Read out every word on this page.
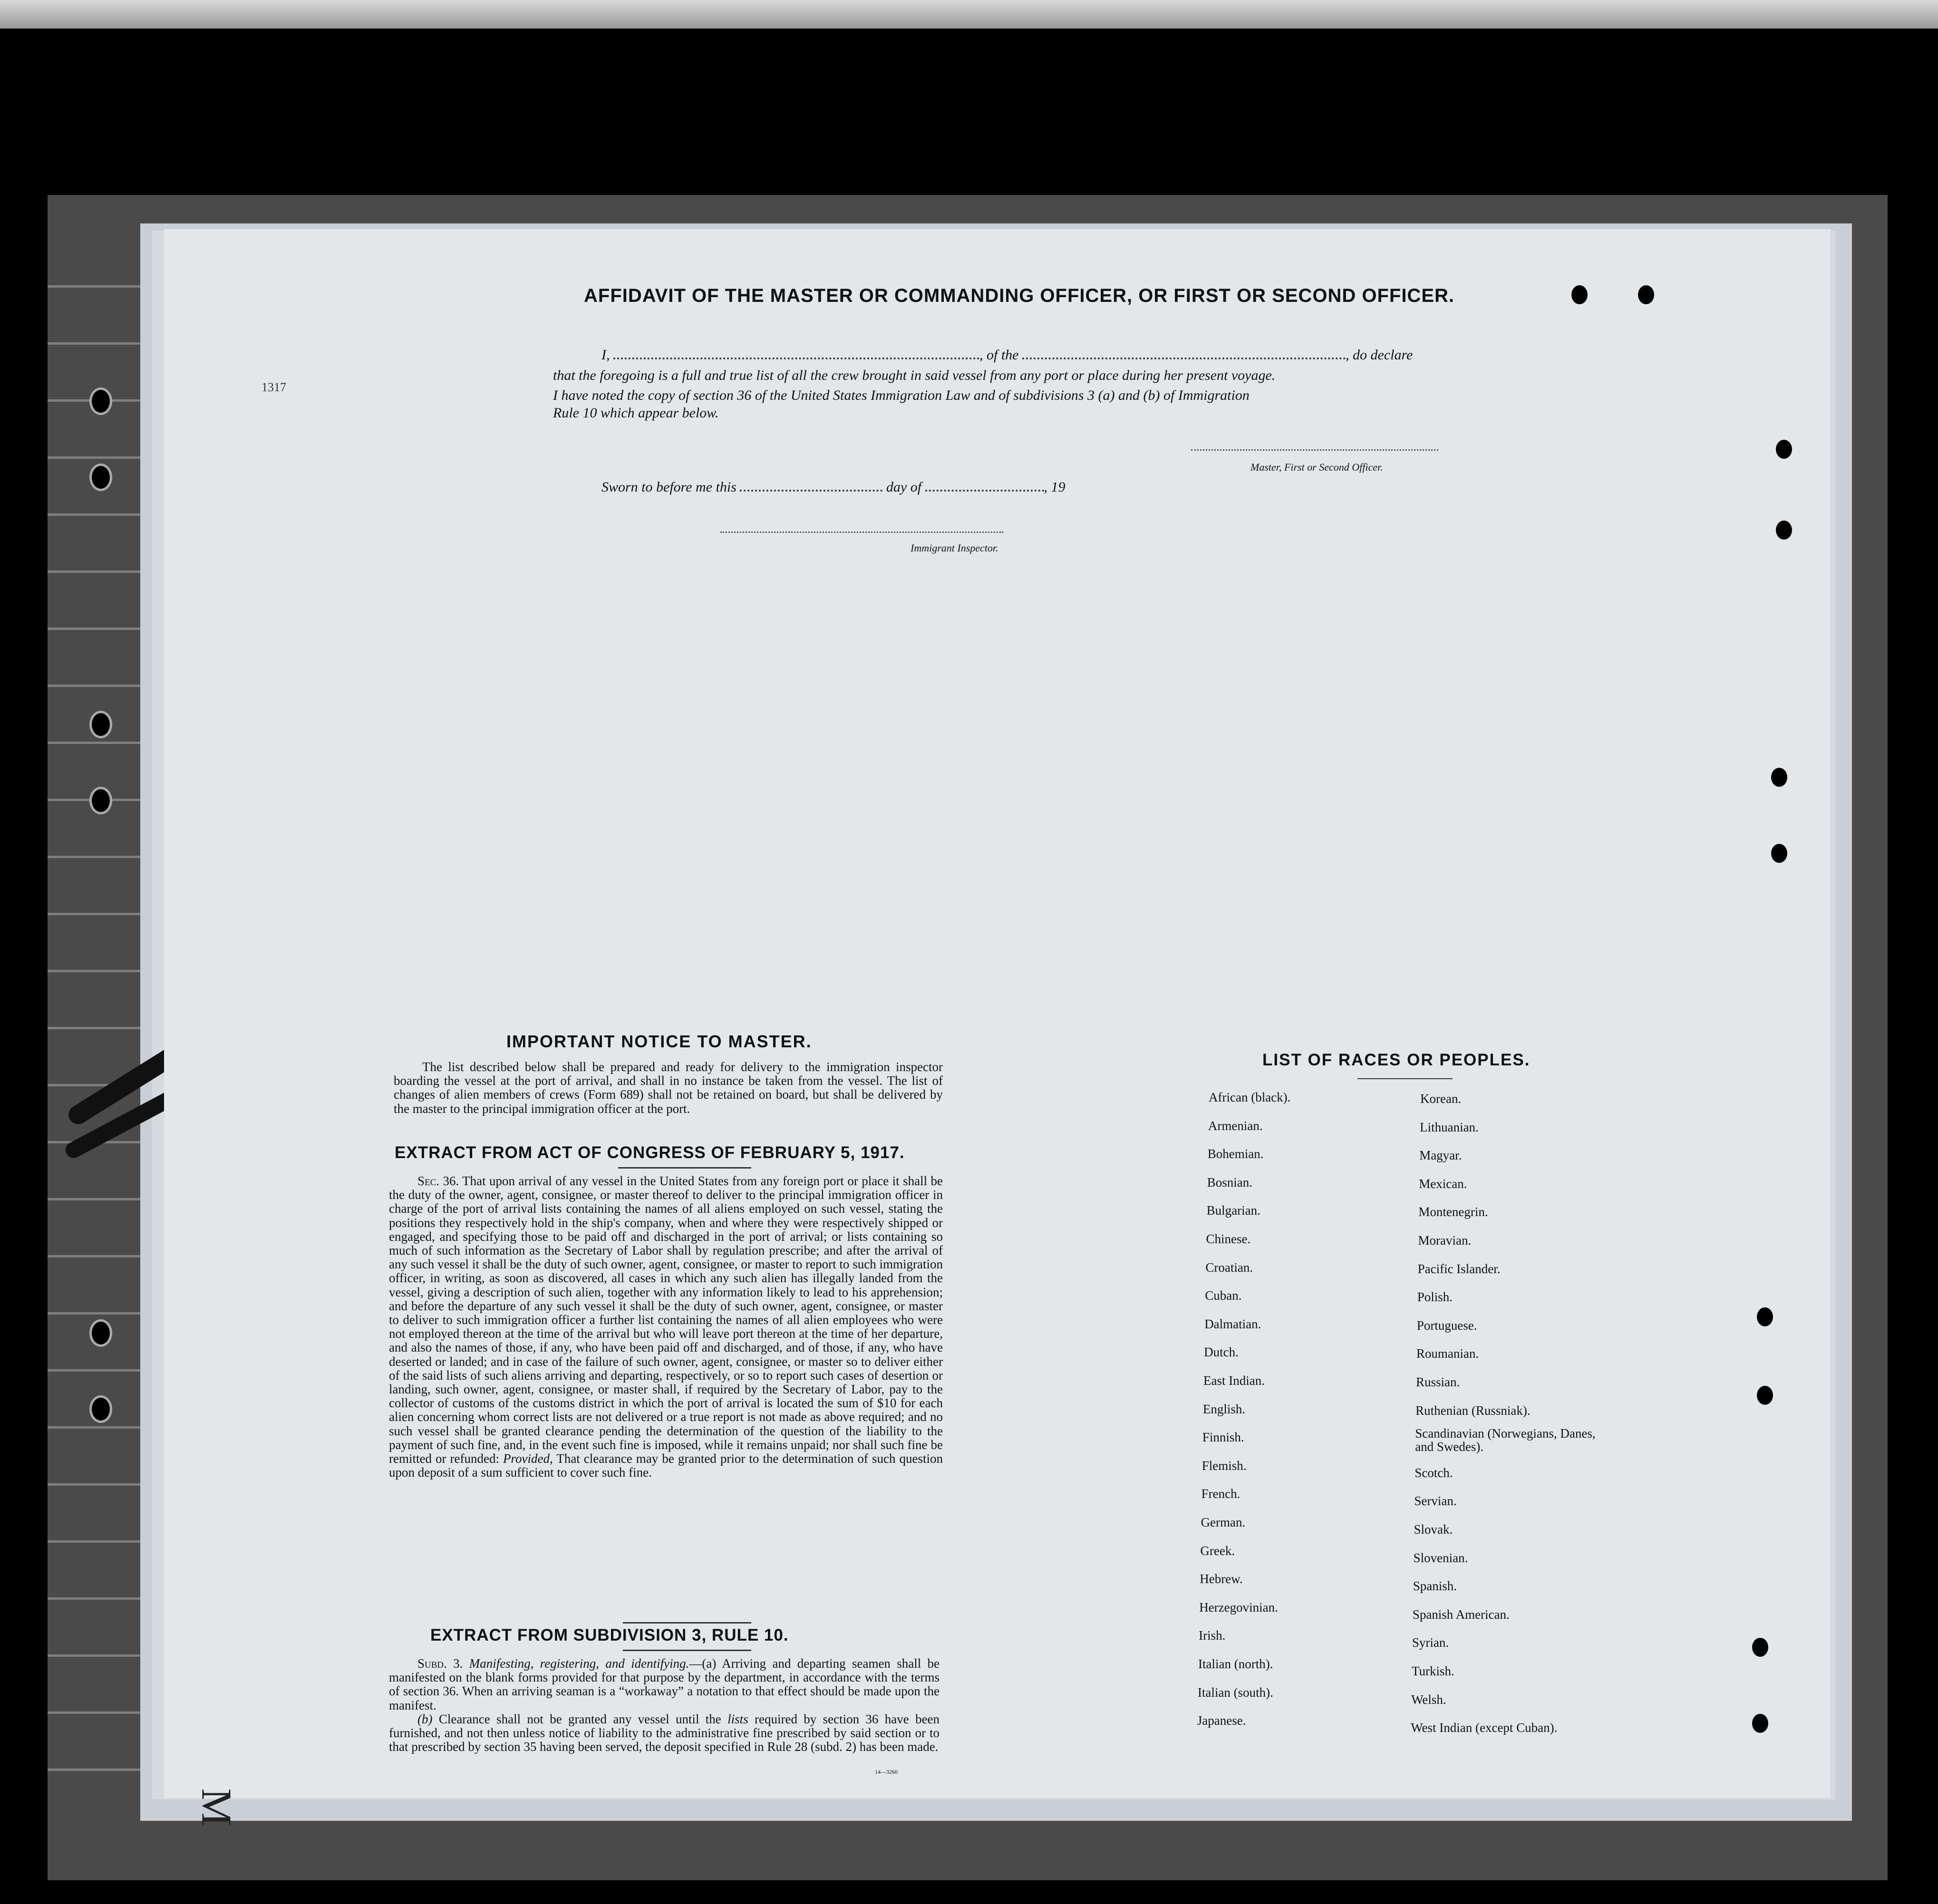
AFFIDAVIT OF THE MASTER OR COMMANDING OFFICER, OR FIRST OR SECOND OFFICER.
I,	, of the	, do declare
that the foregoing is a full and true list of all the crew brought in said vessel from any port or place during her present voyage.
I have noted the copy of section 36 of the United States Immigration Law and of subdivisions 3 (a) and (b) of Immigration
Rule 10 which appear below.
Master, First or Second Officer.
Sworn to before me this	day of	, 19
Immigrant Inspector.
IMPORTANT NOTICE TO MASTER.

The list described below shall be prepared and ready for delivery to the immigration inspector boarding the vessel at the port of arrival, and shall in no instance be taken from the vessel. The list of changes of alien members of crews (Form 689) shall not be retained on board, but shall be delivered by the master to the principal immigration officer at the port.

EXTRACT FROM ACT OF CONGRESS OF FEBRUARY 5, 1917.

Sec. 36. That upon arrival of any vessel in the United States from any foreign port or place it shall be the duty of the owner, agent, consignee, or master thereof to deliver to the principal immigration officer in charge of the port of arrival lists containing the names of all aliens employed on such vessel, stating the positions they respectively hold in the ship's company, when and where they were respectively shipped or engaged, and specifying those to be paid off and discharged in the port of arrival; or lists containing so much of such information as the Secretary of Labor shall by regulation prescribe; and after the arrival of any such vessel it shall be the duty of such owner, agent, consignee, or master to report to such immigration officer, in writing, as soon as discovered, all cases in which any such alien has illegally landed from the vessel, giving a description of such alien, together with any information likely to lead to his apprehension; and before the departure of any such vessel it shall be the duty of such owner, agent, consignee, or master to deliver to such immigration officer a further list containing the names of all alien employees who were not employed thereon at the time of the arrival but who will leave port thereon at the time of her departure, and also the names of those, if any, who have been paid off and discharged, and of those, if any, who have deserted or landed; and in case of the failure of such owner, agent, consignee, or master so to deliver either of the said lists of such aliens arriving and departing, respectively, or so to report such cases of desertion or landing, such owner, agent, consignee, or master shall, if required by the Secretary of Labor, pay to the collector of customs of the customs district in which the port of arrival is located the sum of $10 for each alien concerning whom correct lists are not delivered or a true report is not made as above required; and no such vessel shall be granted clearance pending the determination of the question of the liability to the payment of such fine, and, in the event such fine is imposed, while it remains unpaid; nor shall such fine be remitted or refunded: Provided, That clearance may be granted prior to the determination of such question upon deposit of a sum sufficient to cover such fine.

EXTRACT FROM SUBDIVISION 3, RULE 10.

Subd. 3. Manifesting, registering, and identifying.—(a) Arriving and departing seamen shall be manifested on the blank forms provided for that purpose by the department, in accordance with the terms of section 36. When an arriving seaman is a “workaway” a notation to that effect should be made upon the manifest.

(b) Clearance shall not be granted any vessel until the lists required by section 36 have been furnished, and not then unless notice of liability to the administrative fine prescribed by said section or to that prescribed by section 35 having been served, the deposit specified in Rule 28 (subd. 2) has been made.

14—3260
LIST OF RACES OR PEOPLES.
African (black).
Armenian.
Bohemian.
Bosnian.
Bulgarian.
Chinese.
Croatian.
Cuban.
Dalmatian.
Dutch.
East Indian.
English.
Finnish.
Flemish.
French.
German.
Greek.
Hebrew.
Herzegovinian.
Irish.
Italian (north).
Italian (south).
Japanese.
Korean.
Lithuanian.
Magyar.
Mexican.
Montenegrin.
Moravian.
Pacific Islander.
Polish.
Portuguese.
Roumanian.
Russian.
Ruthenian (Russniak).
Scandinavian (Norwegians, Danes, and Swedes).
Scotch.
Servian.
Slovak.
Slovenian.
Spanish.
Spanish American.
Syrian.
Turkish.
Welsh.
West Indian (except Cuban).
1317
M
